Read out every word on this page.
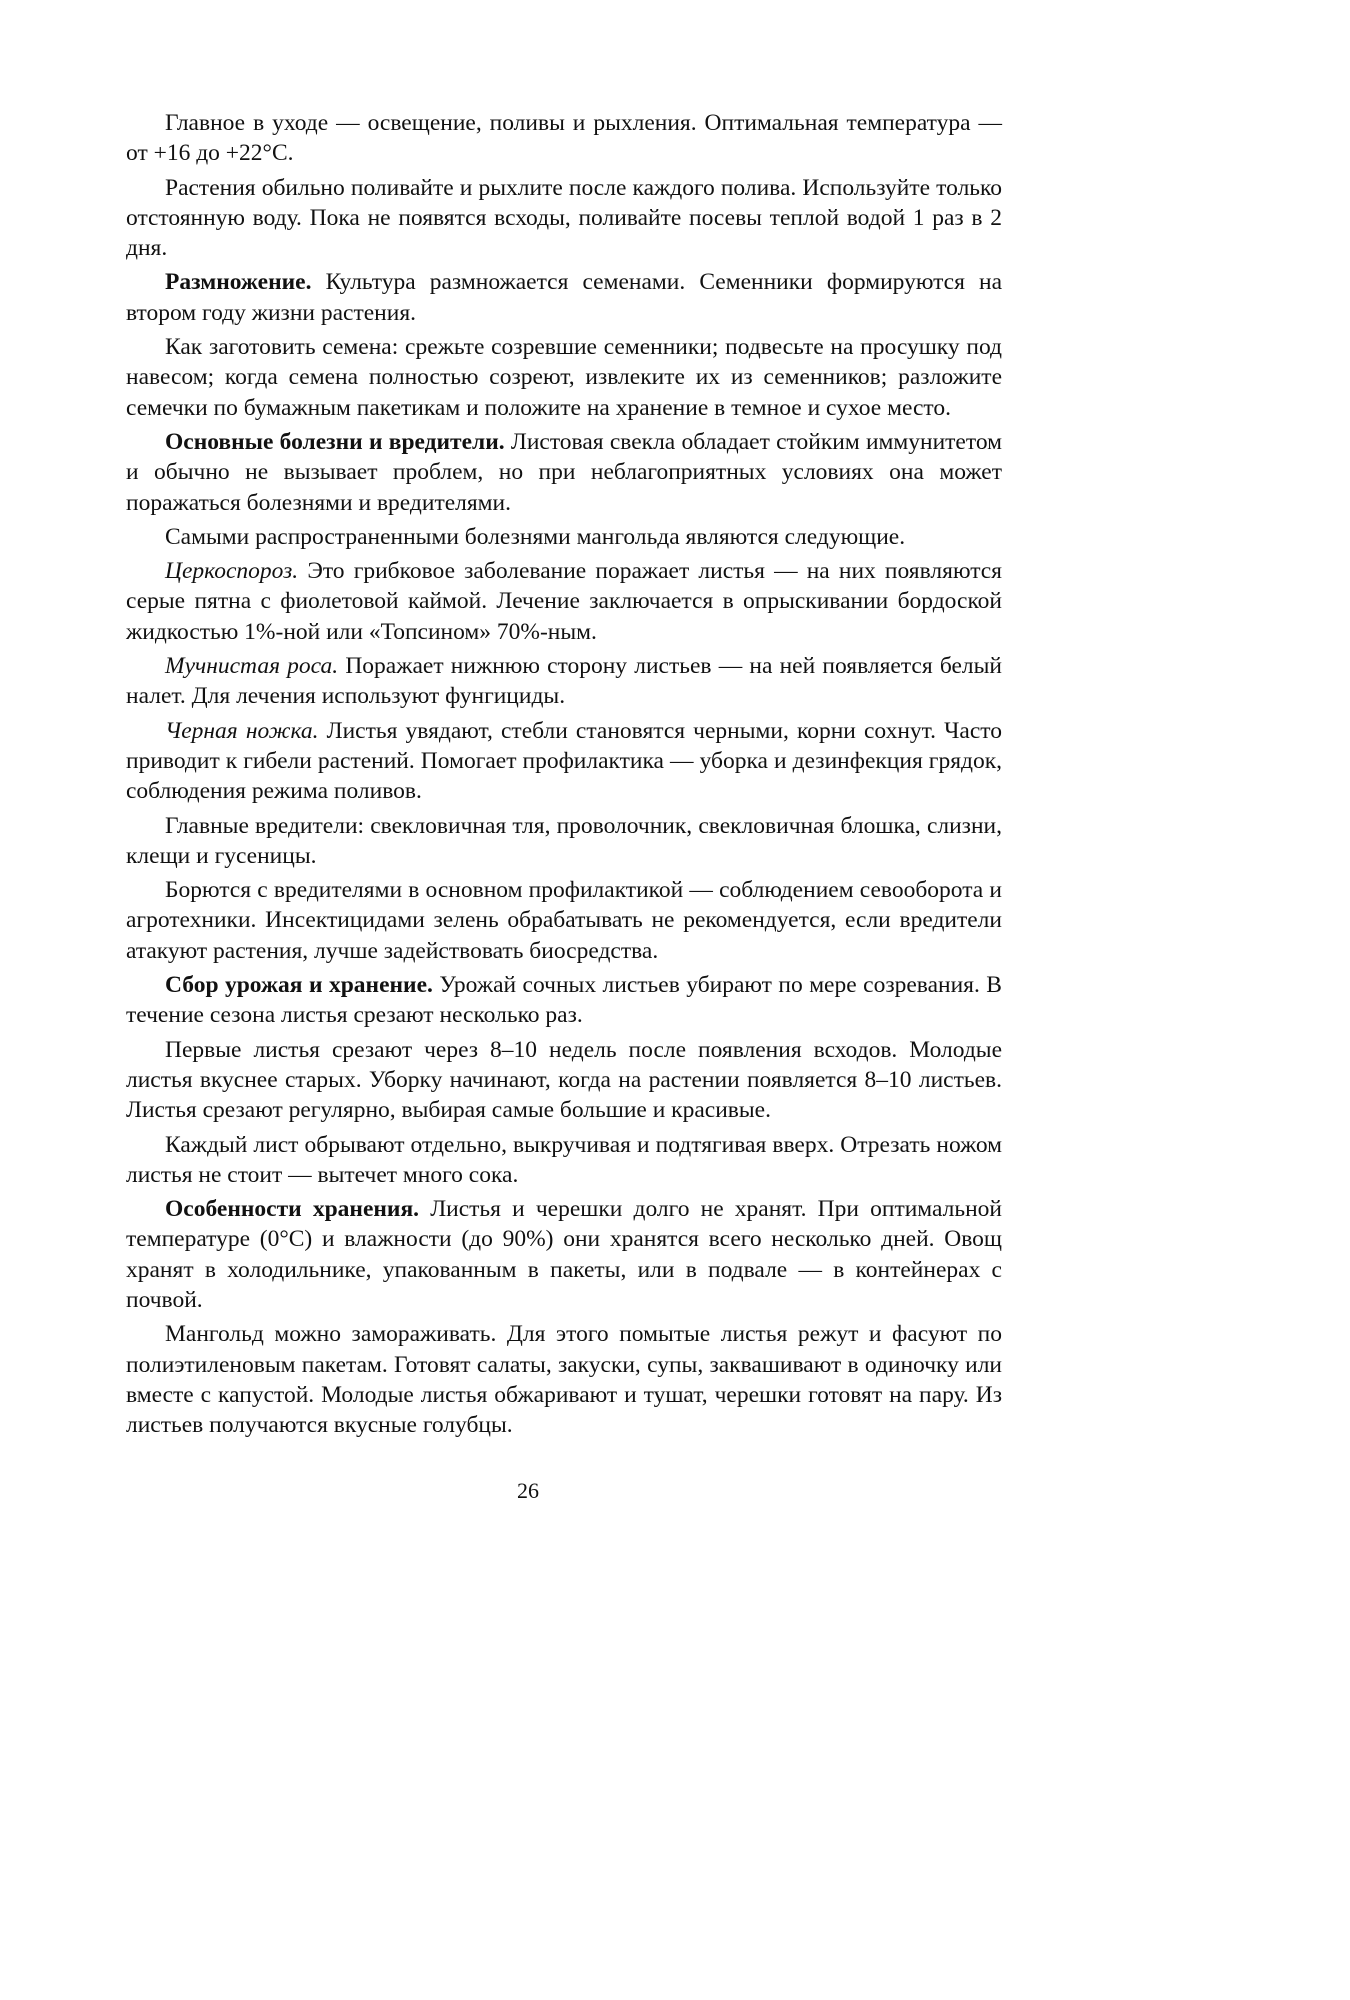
Главное в уходе — освещение, поливы и рыхления. Оптимальная температура — от +16 до +22°С.

Растения обильно поливайте и рыхлите после каждого полива. Используйте только отстоянную воду. Пока не появятся всходы, поливайте посевы теплой водой 1 раз в 2 дня.

Размножение. Культура размножается семенами. Семенники формируются на втором году жизни растения.

Как заготовить семена: срежьте созревшие семенники; подвесьте на просушку под навесом; когда семена полностью созреют, извлеките их из семенников; разложите семечки по бумажным пакетикам и положите на хранение в темное и сухое место.

Основные болезни и вредители. Листовая свекла обладает стойким иммунитетом и обычно не вызывает проблем, но при неблагоприятных условиях она может поражаться болезнями и вредителями.

Самыми распространенными болезнями мангольда являются следующие.

Церкоспороз. Это грибковое заболевание поражает листья — на них появляются серые пятна с фиолетовой каймой. Лечение заключается в опрыскивании бордоской жидкостью 1%-ной или «Топсином» 70%-ным.

Мучнистая роса. Поражает нижнюю сторону листьев — на ней появляется белый налет. Для лечения используют фунгициды.

Черная ножка. Листья увядают, стебли становятся черными, корни сохнут. Часто приводит к гибели растений. Помогает профилактика — уборка и дезинфекция грядок, соблюдения режима поливов.

Главные вредители: свекловичная тля, проволочник, свекловичная блошка, слизни, клещи и гусеницы.

Борются с вредителями в основном профилактикой — соблюдением севооборота и агротехники. Инсектицидами зелень обрабатывать не рекомендуется, если вредители атакуют растения, лучше задействовать биосредства.

Сбор урожая и хранение. Урожай сочных листьев убирают по мере созревания. В течение сезона листья срезают несколько раз.

Первые листья срезают через 8–10 недель после появления всходов. Молодые листья вкуснее старых. Уборку начинают, когда на растении появляется 8–10 листьев. Листья срезают регулярно, выбирая самые большие и красивые.

Каждый лист обрывают отдельно, выкручивая и подтягивая вверх. Отрезать ножом листья не стоит — вытечет много сока.

Особенности хранения. Листья и черешки долго не хранят. При оптимальной температуре (0°С) и влажности (до 90%) они хранятся всего несколько дней. Овощ хранят в холодильнике, упакованным в пакеты, или в подвале — в контейнерах с почвой.

Мангольд можно замораживать. Для этого помытые листья режут и фасуют по полиэтиленовым пакетам. Готовят салаты, закуски, супы, заквашивают в одиночку или вместе с капустой. Молодые листья обжаривают и тушат, черешки готовят на пару. Из листьев получаются вкусные голубцы.

26
